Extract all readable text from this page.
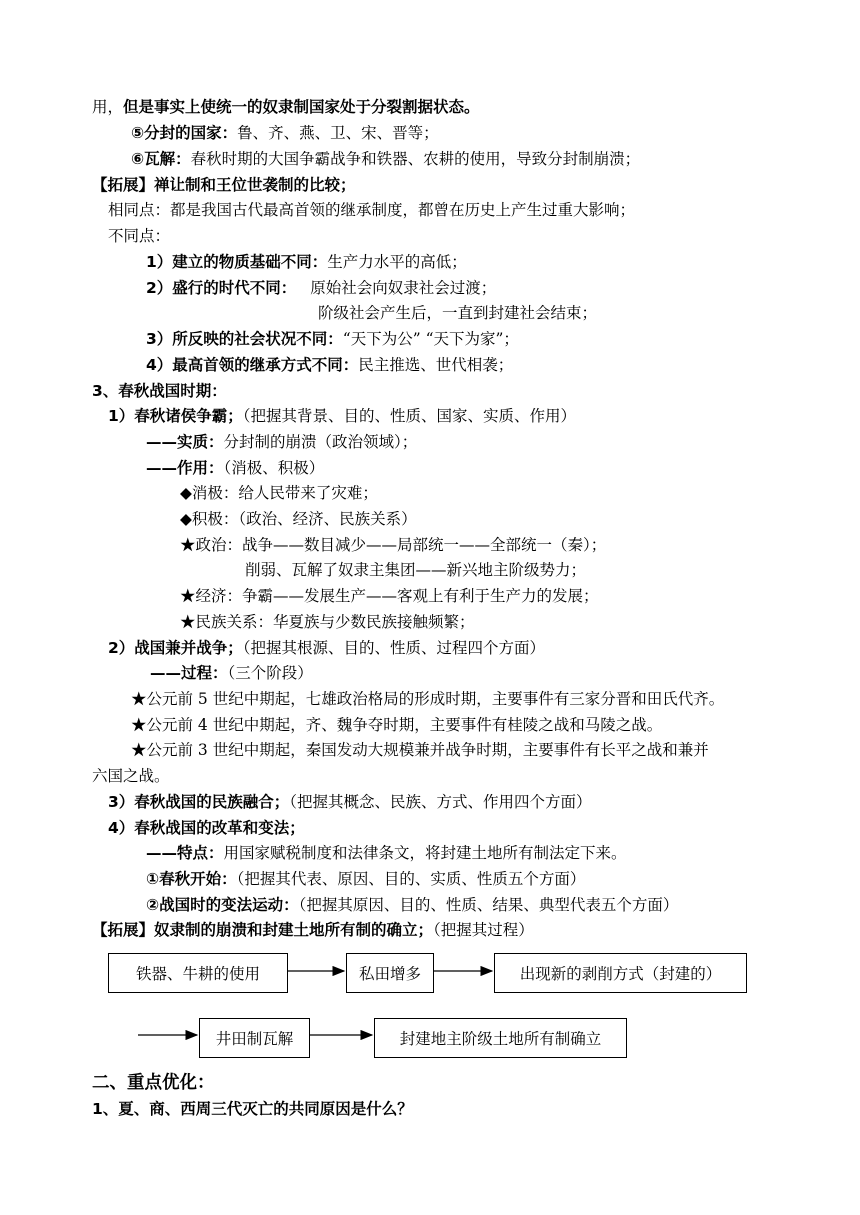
用，但是事实上使统一的奴隶制国家处于分裂割据状态。
⑤分封的国家：鲁、齐、燕、卫、宋、晋等；
⑥瓦解：春秋时期的大国争霸战争和铁器、农耕的使用，导致分封制崩溃；
【拓展】禅让制和王位世袭制的比较；
相同点：都是我国古代最高首领的继承制度，都曾在历史上产生过重大影响；
不同点：
1）建立的物质基础不同：生产力水平的高低；
2）盛行的时代不同： 原始社会向奴隶社会过渡；
阶级社会产生后，一直到封建社会结束；
3）所反映的社会状况不同：“天下为公” “天下为家”；
4）最高首领的继承方式不同：民主推选、世代相袭；
3、春秋战国时期：
1）春秋诸侯争霸；（把握其背景、目的、性质、国家、实质、作用）
——实质：分封制的崩溃（政治领域）；
——作用：（消极、积极）
◆消极：给人民带来了灾难；
◆积极：（政治、经济、民族关系）
★政治：战争——数目减少——局部统一——全部统一（秦）；
削弱、瓦解了奴隶主集团——新兴地主阶级势力；
★经济：争霸——发展生产——客观上有利于生产力的发展；
★民族关系：华夏族与少数民族接触频繁；
2）战国兼并战争；（把握其根源、目的、性质、过程四个方面）
——过程：（三个阶段）
★公元前 5 世纪中期起，七雄政治格局的形成时期，主要事件有三家分晋和田氏代齐。
★公元前 4 世纪中期起，齐、魏争夺时期，主要事件有桂陵之战和马陵之战。
★公元前 3 世纪中期起，秦国发动大规模兼并战争时期，主要事件有长平之战和兼并
六国之战。
3）春秋战国的民族融合；（把握其概念、民族、方式、作用四个方面）
4）春秋战国的改革和变法；
——特点：用国家赋税制度和法律条文，将封建土地所有制法定下来。
①春秋开始：（把握其代表、原因、目的、实质、性质五个方面）
②战国时的变法运动：（把握其原因、目的、性质、结果、典型代表五个方面）
【拓展】奴隶制的崩溃和封建土地所有制的确立；（把握其过程）
铁器、牛耕的使用	私田增多	出现新的剥削方式（封建的）
井田制瓦解	封建地主阶级土地所有制确立
二、重点优化：
1、夏、商、西周三代灭亡的共同原因是什么？
